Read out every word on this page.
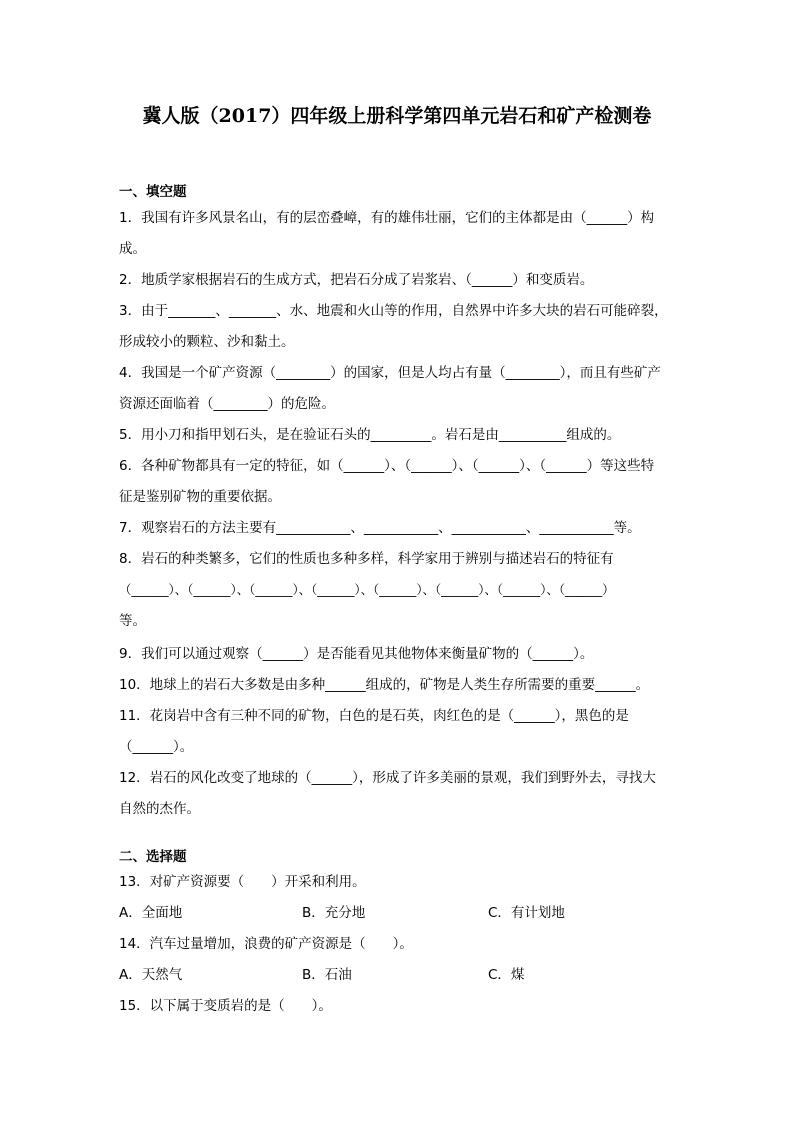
冀人版（2017）四年级上册科学第四单元岩石和矿产检测卷
一、填空题
1．我国有许多风景名山，有的层峦叠嶂，有的雄伟壮丽，它们的主体都是由（______）构
成。
2．地质学家根据岩石的生成方式，把岩石分成了岩浆岩、（______）和变质岩。
3．由于_______、_______、水、地震和火山等的作用，自然界中许多大块的岩石可能碎裂，
形成较小的颗粒、沙和黏土。
4．我国是一个矿产资源（________）的国家，但是人均占有量（________），而且有些矿产
资源还面临着（________）的危险。
5．用小刀和指甲划石头，是在验证石头的_________。岩石是由__________组成的。
6．各种矿物都具有一定的特征，如（______）、（______）、（______）、（______）等这些特
征是鉴别矿物的重要依据。
7．观察岩石的方法主要有___________、___________、___________、___________等。
8．岩石的种类繁多，它们的性质也多种多样，科学家用于辨别与描述岩石的特征有
（______）、（______）、（______）、（______）、（______）、（______）、（______）、（______）
等。
9．我们可以通过观察（______）是否能看见其他物体来衡量矿物的（______）。
10．地球上的岩石大多数是由多种______组成的，矿物是人类生存所需要的重要______。
11．花岗岩中含有三种不同的矿物，白色的是石英，肉红色的是（______），黑色的是
（______）。
12．岩石的风化改变了地球的（______），形成了许多美丽的景观，我们到野外去，寻找大
自然的杰作。
二、选择题
13．对矿产资源要（　　）开采和利用。
A．全面地	B．充分地	C．有计划地
14．汽车过量增加，浪费的矿产资源是（　　）。
A．天然气	B．石油	C．煤
15．以下属于变质岩的是（　　）。
